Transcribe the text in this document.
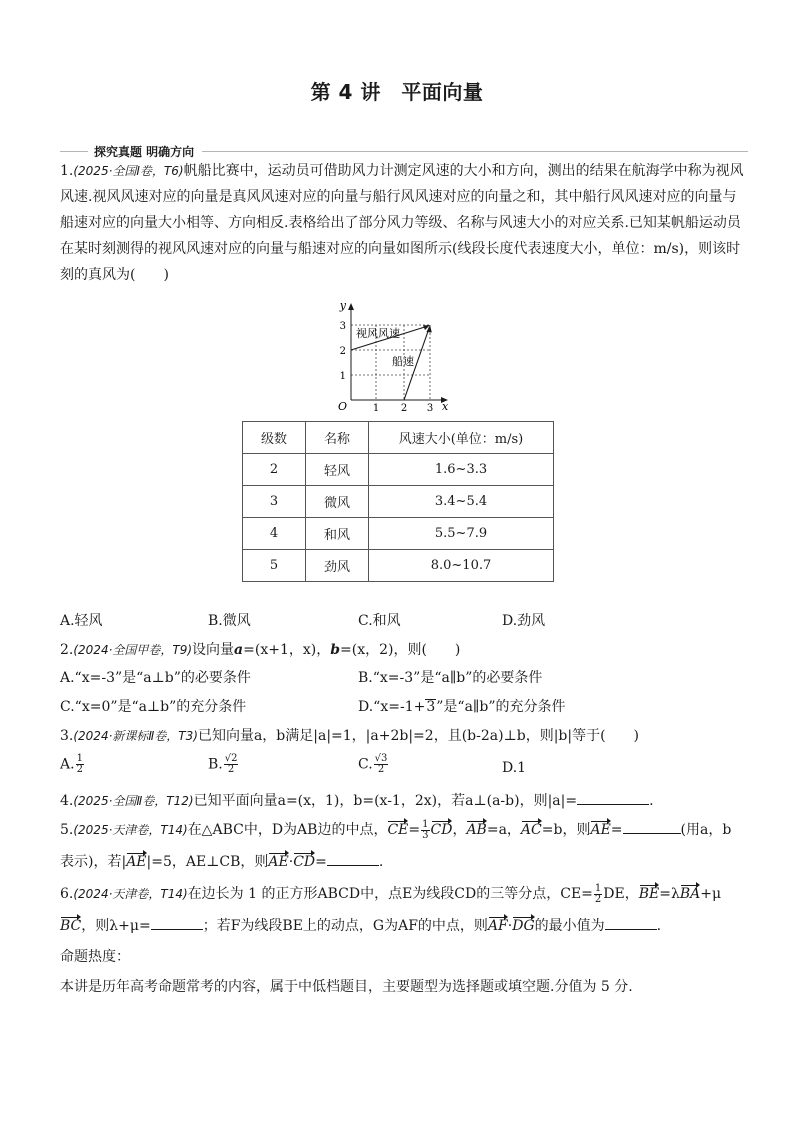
第 4 讲　平面向量
探究真题 明确方向
1.(2025·全国Ⅰ卷，T6)帆船比赛中，运动员可借助风力计测定风速的大小和方向，测出的结果在航海学中称为视风风速.视风风速对应的向量是真风风速对应的向量与船行风风速对应的向量之和，其中船行风风速对应的向量与船速对应的向量大小相等、方向相反.表格给出了部分风力等级、名称与风速大小的对应关系.已知某帆船运动员在某时刻测得的视风风速对应的向量与船速对应的向量如图所示(线段长度代表速度大小，单位：m/s)，则该时刻的真风为(　　)
y
x
O	1 2 3
1
2
3
视风风速
船速
级数	名称	风速大小(单位：m/s)
2	轻风	1.6~3.3
3	微风	3.4~5.4
4	和风	5.5~7.9
5	劲风	8.0~10.7
A.轻风	B.微风	C.和风	D.劲风
2.(2024·全国甲卷，T9)设向量a=(x+1，x)，b=(x，2)，则(　　)
A.“x=-3”是“a⊥b”的必要条件	B.“x=-3”是“a∥b”的必要条件
C.“x=0”是“a⊥b”的充分条件	D.“x=-1+3”是“a∥b”的充分条件
3.(2024·新课标Ⅱ卷，T3)已知向量a，b满足|a|=1，|a+2b|=2，且(b-2a)⊥b，则|b|等于(　　)
A. $\frac{1}{2}$	B. $\frac{√2}{2}$	C. $\frac{√3}{2}$	D.1
4.(2025·全国Ⅱ卷，T12)已知平面向量a=(x，1)，b=(x-1，2x)，若a⊥(a-b)，则|a|=	.
5.(2025·天津卷，T14)在△ABC中，D为AB边的中点，$CE= \frac{1}{3}$ CD，AB=a，AC=b，则AE=	(用a，b
表示)，若|AE|=5，AE⊥CB，则AE·CD=	.
6.(2024·天津卷，T14)在边长为 1 的正方形ABCD中，点E为线段CD的三等分点，$CE= \frac{1}{2}$ DE，BE=λBA+μ
BC，则λ+μ=	；若F为线段BE上的动点，G为AF的中点，则AF·DG的最小值为	.
命题热度：
本讲是历年高考命题常考的内容，属于中低档题目，主要题型为选择题或填空题.分值为 5 分.
